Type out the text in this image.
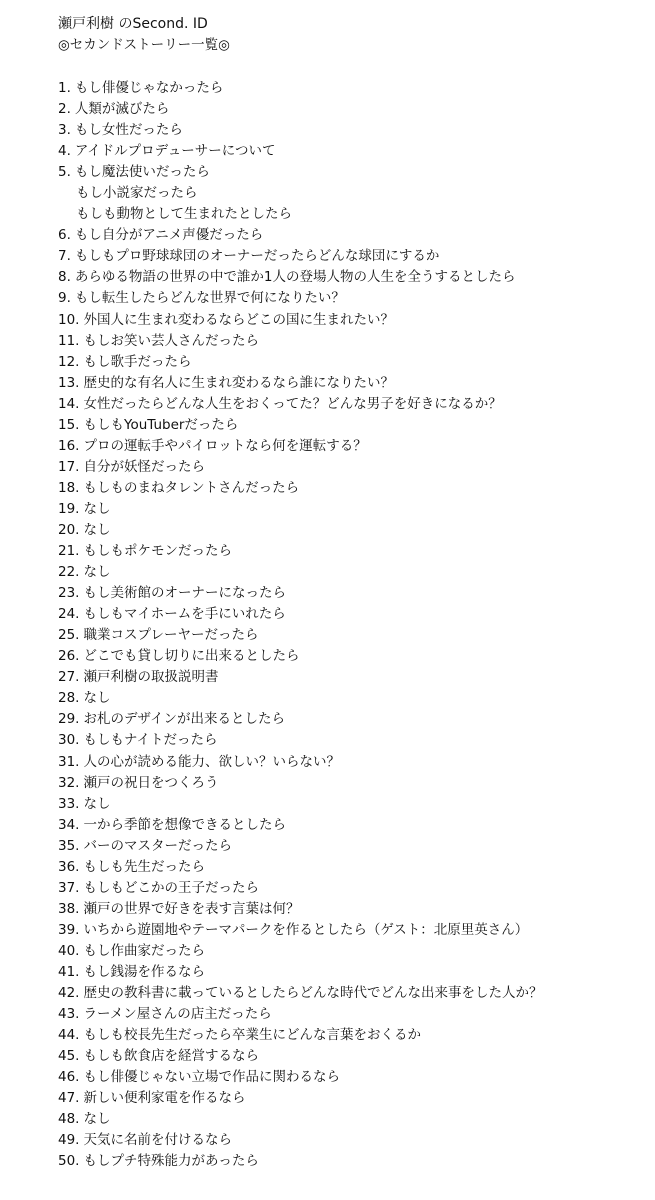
瀬戸利樹 のSecond. ID
◎セカンドストーリー一覧◎
1. もし俳優じゃなかったら
2. 人類が滅びたら
3. もし女性だったら
4. アイドルプロデューサーについて
5. もし魔法使いだったら
もし小説家だったら
もしも動物として生まれたとしたら
6. もし自分がアニメ声優だったら
7. もしもプロ野球球団のオーナーだったらどんな球団にするか
8. あらゆる物語の世界の中で誰か1人の登場人物の人生を全うするとしたら
9. もし転生したらどんな世界で何になりたい？
10. 外国人に生まれ変わるならどこの国に生まれたい？
11. もしお笑い芸人さんだったら
12. もし歌手だったら
13. 歴史的な有名人に生まれ変わるなら誰になりたい？
14. 女性だったらどんな人生をおくってた？どんな男子を好きになるか？
15. もしもYouTuberだったら
16. プロの運転手やパイロットなら何を運転する？
17. 自分が妖怪だったら
18. もしものまねタレントさんだったら
19. なし
20. なし
21. もしもポケモンだったら
22. なし
23. もし美術館のオーナーになったら
24. もしもマイホームを手にいれたら
25. 職業コスプレーヤーだったら
26. どこでも貸し切りに出来るとしたら
27. 瀬戸利樹の取扱説明書
28. なし
29. お札のデザインが出来るとしたら
30. もしもナイトだったら
31. 人の心が読める能力、欲しい？いらない？
32. 瀬戸の祝日をつくろう
33. なし
34. 一から季節を想像できるとしたら
35. バーのマスターだったら
36. もしも先生だったら
37. もしもどこかの王子だったら
38. 瀬戸の世界で好きを表す言葉は何？
39. いちから遊園地やテーマパークを作るとしたら（ゲスト：北原里英さん）
40. もし作曲家だったら
41. もし銭湯を作るなら
42. 歴史の教科書に載っているとしたらどんな時代でどんな出来事をした人か？
43. ラーメン屋さんの店主だったら
44. もしも校長先生だったら卒業生にどんな言葉をおくるか
45. もしも飲食店を経営するなら
46. もし俳優じゃない立場で作品に関わるなら
47. 新しい便利家電を作るなら
48. なし
49. 天気に名前を付けるなら
50. もしプチ特殊能力があったら
